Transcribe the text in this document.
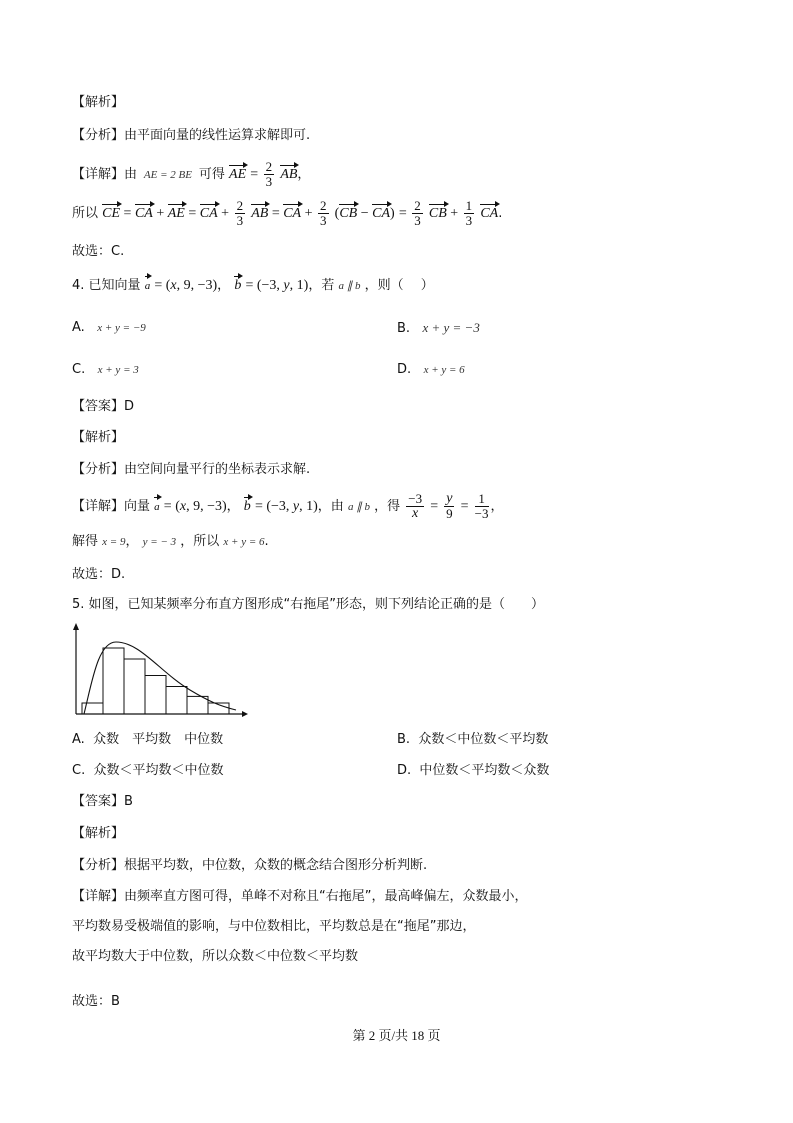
【解析】
【分析】由平面向量的线性运算求解即可.
【详解】由  AE = 2 BE  可得 AE = $\frac{2}{3}$ AB，
所以 CE = CA + AE = CA + $\frac{2}{3}$ AB = CA + $\frac{2}{3} (CB - CA) = \frac{2}{3}$ CB + $\frac{1}{3}$ CA.
故选：C.
4. 已知向量 a = (x, 9, −3)， b = (−3, y, 1)，若 a ∥ b ，则（　 ）
A. x + y = −9	B. x + y = −3
C. x + y = 3	D. x + y = 6
【答案】D
【解析】
【分析】由空间向量平行的坐标表示求解.
【详解】向量 a = (x, 9, −3)， b = (−3, y, 1)，由 a ∥ b ，得 $\frac{-3}{x} = \frac{y}{9} = \frac{1}{-3}$ ，
解得 x = 9， y = − 3 ，所以 x + y = 6.
故选：D.
5. 如图，已知某频率分布直方图形成“右拖尾”形态，则下列结论正确的是（　　）
A. 众数　平均数　中位数	B. 众数＜中位数＜平均数
C. 众数＜平均数＜中位数	D. 中位数＜平均数＜众数
【答案】B
【解析】
【分析】根据平均数，中位数，众数的概念结合图形分析判断.
【详解】由频率直方图可得，单峰不对称且“右拖尾”，最高峰偏左，众数最小，
平均数易受极端值的影响，与中位数相比，平均数总是在“拖尾”那边，
故平均数大于中位数，所以众数＜中位数＜平均数
故选：B
第 2 页/共 18 页
